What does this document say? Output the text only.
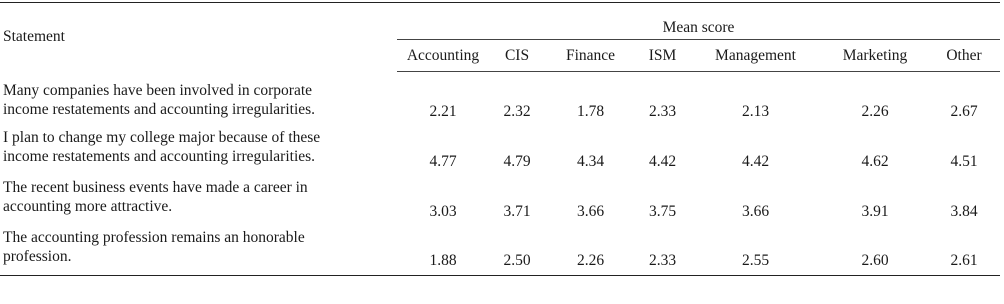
Statement	Mean score						
	Accounting	CIS	Finance	ISM	Management	Marketing	Other

Many companies have been involved in corporate
income restatements and accounting irregularities.	2.21	2.32	1.78	2.33	2.13	2.26	2.67

I plan to change my college major because of these
income restatements and accounting irregularities.	4.77	4.79	4.34	4.42	4.42	4.62	4.51

The recent business events have made a career in
accounting more attractive.	3.03	3.71	3.66	3.75	3.66	3.91	3.84

The accounting profession remains an honorable
profession.	1.88	2.50	2.26	2.33	2.55	2.60	2.61
